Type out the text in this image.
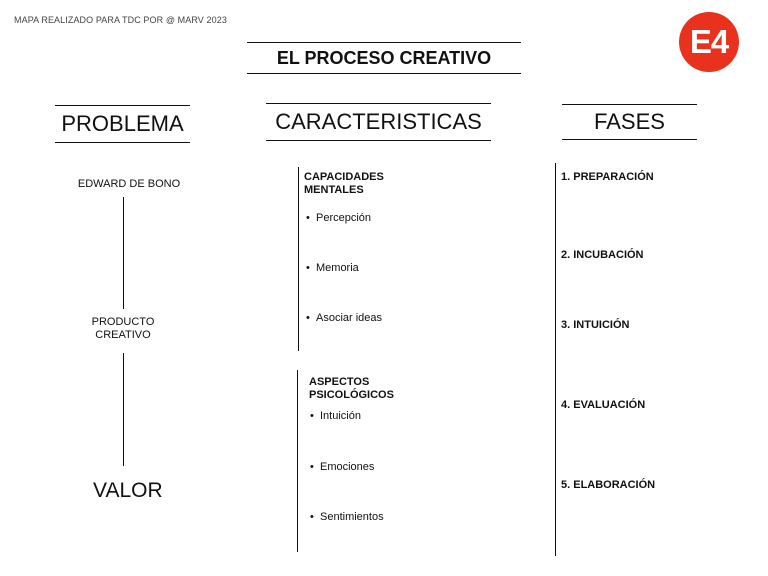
MAPA REALIZADO PARA TDC POR @ MARV 2023
E4
EL PROCESO CREATIVO
PROBLEMA	CARACTERISTICAS	FASES
EDWARD DE BONO
PRODUCTO CREATIVO
VALOR
CAPACIDADES MENTALES
• Percepción
• Memoria
• Asociar ideas
ASPECTOS PSICOLÓGICOS
• Intuición
• Emociones
• Sentimientos
1. PREPARACIÓN
2. INCUBACIÓN
3. INTUICIÓN
4. EVALUACIÓN
5. ELABORACIÓN
